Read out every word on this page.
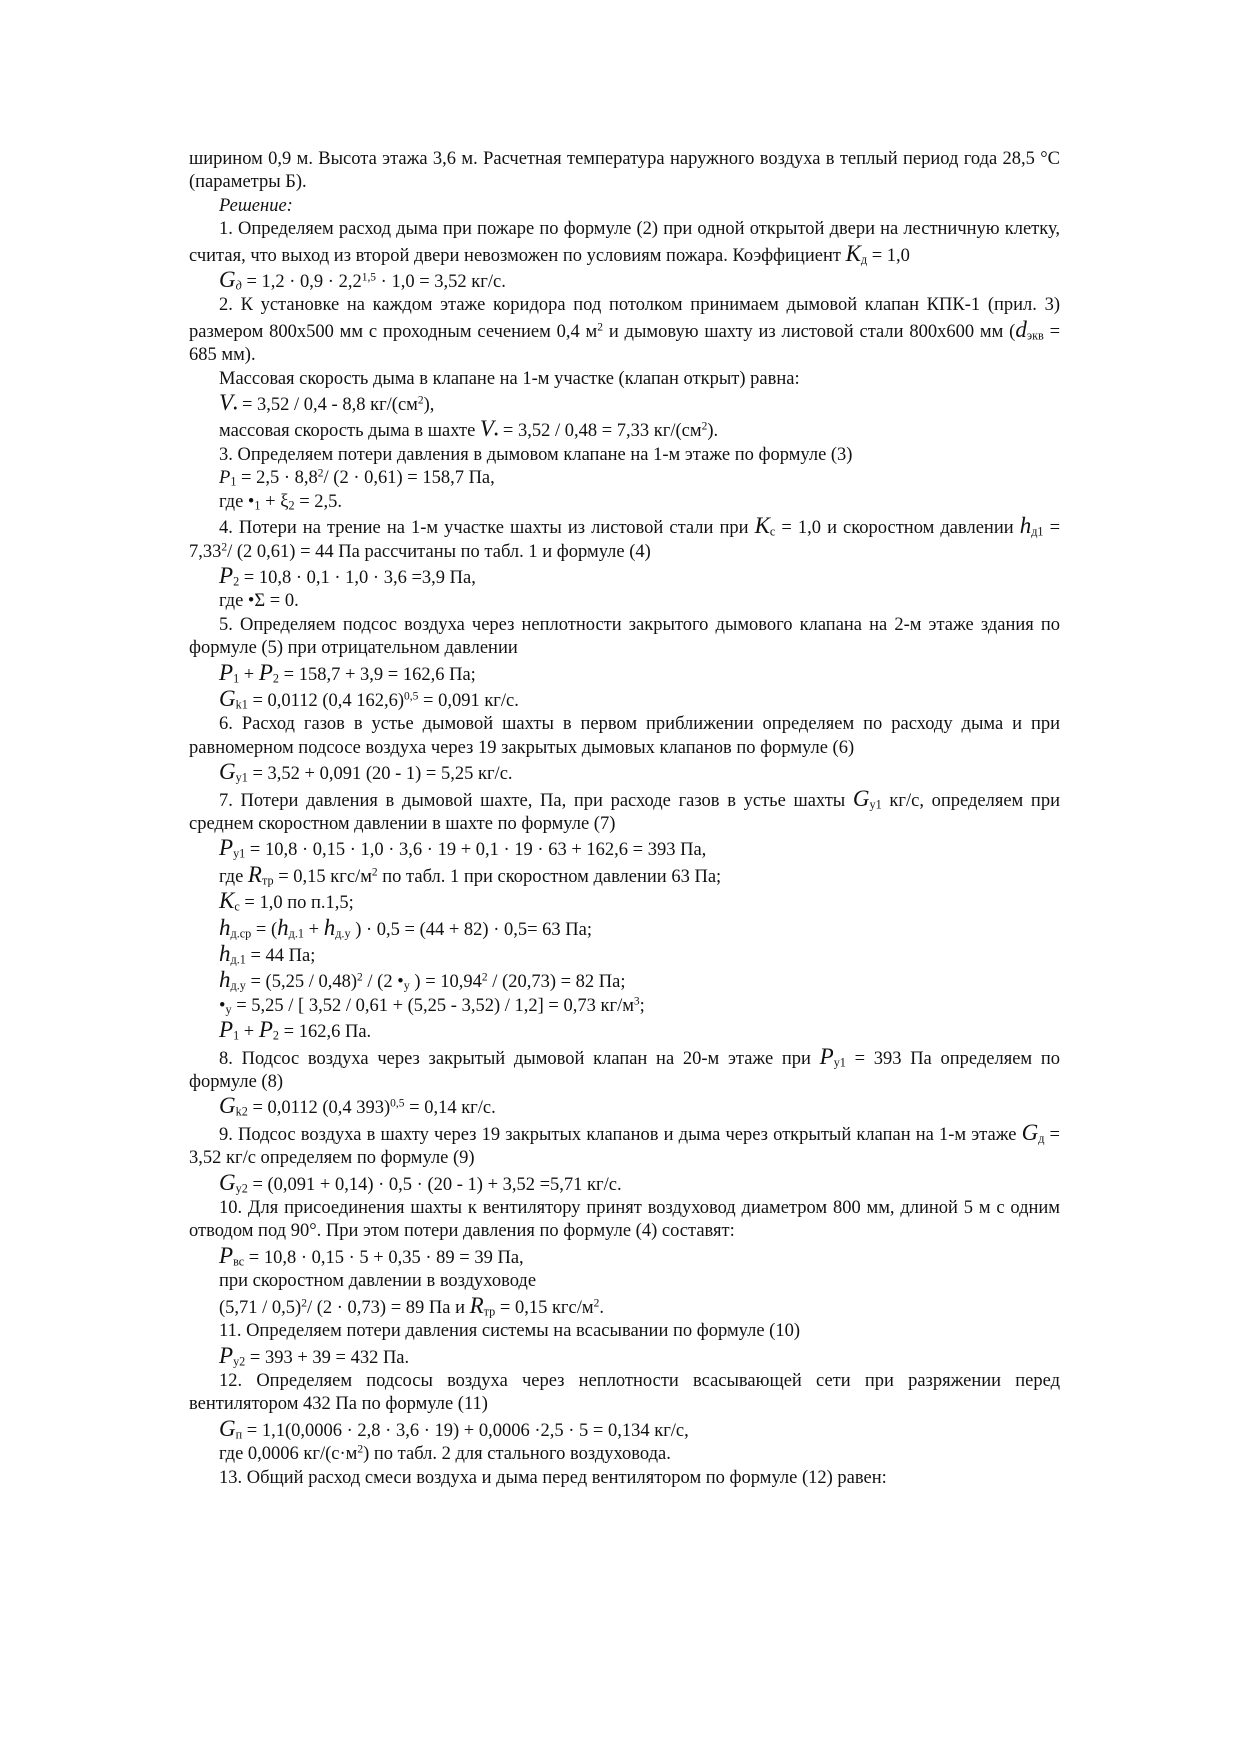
ширином 0,9 м. Высота этажа 3,6 м. Расчетная температура наружного воздуха в теплый период года 28,5 °C (параметры Б).

Решение:

1. Определяем расход дыма при пожаре по формуле (2) при одной открытой двери на лестничную клетку, считая, что выход из второй двери невозможен по условиям пожара. Коэффициент $K_д = 1,0$

$G_д = 1,2 \cdot 0,9 \cdot 2,2^{1,5} \cdot 1,0 = 3,52$ кг/с.

2. К установке на каждом этаже коридора под потолком принимаем дымовой клапан КПК-1 (прил. 3) размером 800х500 мм с проходным сечением 0,4 $м^2$ и дымовую шахту из листовой стали 800х600 мм ($d_{экв} = 685$ мм).

Массовая скорость дыма в клапане на 1-м участке (клапан открыт) равна:

$V_• = 3,52 / 0,4 - 8,8$ $кг/(см^2)$,

массовая скорость дыма в шахте $V_• = 3,52 / 0,48 = 7,33$ $кг/(см^2)$.

3. Определяем потери давления в дымовом клапане на 1-м этаже по формуле (3)

$P_1 = 2,5 \cdot 8,8^2/$ (2 · 0,61) = 158,7 Па,

где $•_1 + \xi_2 = 2,5$.

4. Потери на трение на 1-м участке шахты из листовой стали при $K_с = 1,0$ и скоростном давлении $h_{д1} = 7,33^2/$ (2 0,61) = 44 Па рассчитаны по табл. 1 и формуле (4)

$P_2 = 10,8 \cdot 0,1 \cdot 1,0 \cdot 3,6 =3,9$ Па,

где •Σ = 0.

5. Определяем подсос воздуха через неплотности закрытого дымового клапана на 2-м этаже здания по формуле (5) при отрицательном давлении

$P_1 + P_2 = 158,7 + 3,9 = 162,6$ Па;

$G_{k1} = 0,0112$ (0,4 162,6)$^{0,5}$ = 0,091 кг/с.

6. Расход газов в устье дымовой шахты в первом приближении определяем по расходу дыма и при равномерном подсосе воздуха через 19 закрытых дымовых клапанов по формуле (6)

$G_{у1} = 3,52 + 0,091$ (20 - 1) = 5,25 кг/с.

7. Потери давления в дымовой шахте, Па, при расходе газов в устье шахты $G_{у1}$ кг/с, определяем при среднем скоростном давлении в шахте по формуле (7)

$P_{у1} = 10,8 \cdot 0,15 \cdot 1,0 \cdot 3,6 \cdot 19 + 0,1 \cdot 19 \cdot 63 + 162,6 = 393$ Па,

где $R_{тр} = 0,15$ кгс/$м^2$ по табл. 1 при скоростном давлении 63 Па;

$K_с = 1,0$ по п.1,5;

$h_{д.ср} = (h_{д.1} + h_{д.у}$ ) · 0,5 = (44 + 82) · 0,5= 63 Па;

$h_{д.1} = 44$ Па;

$h_{д.у} = (5,25 / 0,48)^2 / (2$ $•_у$ ) = $10,94^2 / (20,73) = 82$ Па;

$•_у = 5,25$ / [ 3,52 / 0,61 + (5,25 - 3,52) / 1,2] = 0,73 $кг/м^3$;

$P_1 + P_2 = 162,6$ Па.

8. Подсос воздуха через закрытый дымовой клапан на 20-м этаже при $P_{у1} = 393$ Па определяем по формуле (8)

$G_{k2} = 0,0112$ (0,4 393)$^{0,5}$ = 0,14 кг/с.

9. Подсос воздуха в шахту через 19 закрытых клапанов и дыма через открытый клапан на 1-м этаже $G_д = 3,52$ кг/с определяем по формуле (9)

$G_{у2} = (0,091 + 0,14) \cdot 0,5 \cdot (20 - 1) + 3,52 =5,71$ кг/с.

10. Для присоединения шахты к вентилятору принят воздуховод диаметром 800 мм, длиной 5 м с одним отводом под 90°. При этом потери давления по формуле (4) составят:

$P_{вс} = 10,8 \cdot 0,15 \cdot 5 + 0,35 \cdot 89 = 39$ Па,

при скоростном давлении в воздуховоде

(5,71 / 0,5)$^2$/ (2 · 0,73) = 89 Па и $R_{тр} = 0,15$ кгс/$м^2$.

11. Определяем потери давления системы на всасывании по формуле (10)

$P_{у2} = 393 + 39 = 432$ Па.

12. Определяем подсосы воздуха через неплотности всасывающей сети при разряжении перед вентилятором 432 Па по формуле (11)

$G_п = 1,1(0,0006 \cdot 2,8 \cdot 3,6 \cdot 19) + 0,0006 \cdot 2,5 \cdot 5 = 0,134$ кг/с,

где 0,0006 $кг/(с\cdot м^2)$ по табл. 2 для стального воздуховода.

13. Общий расход смеси воздуха и дыма перед вентилятором по формуле (12) равен:
